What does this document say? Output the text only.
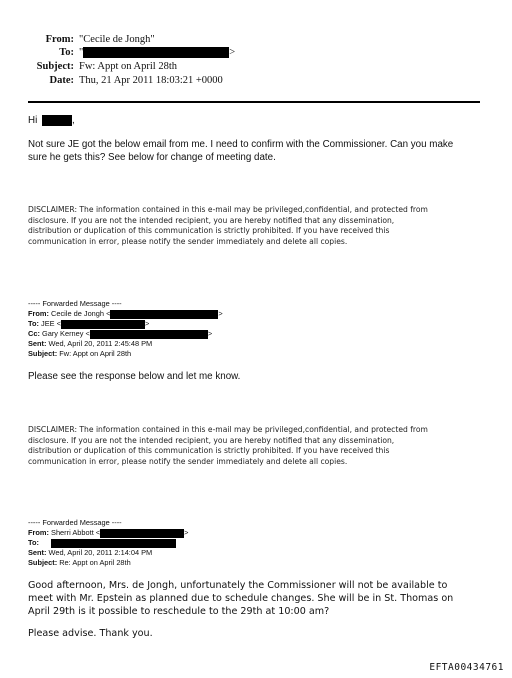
From: "Cecile de Jongh"
To: "	>
Subject: Fw: Appt on April 28th
Date: Thu, 21 Apr 2011 18:03:21 +0000
Hi	,
Not sure JE got the below email from me. I need to confirm with the Commissioner. Can you make
sure he gets this? See below for change of meeting date.
DISCLAIMER: The information contained in this e-mail may be privileged,confidential, and protected from
disclosure. If you are not the intended recipient, you are hereby notified that any dissemination,
distribution or duplication of this communication is strictly prohibited. If you have received this
communication in error, please notify the sender immediately and delete all copies.
----- Forwarded Message ----
From: Cecile de Jongh <	>
To: JEE <	>
Cc: Gary Kerney <	>
Sent: Wed, April 20, 2011 2:45:48 PM
Subject: Fw: Appt on April 28th
Please see the response below and let me know.
DISCLAIMER: The information contained in this e-mail may be privileged,confidential, and protected from
disclosure. If you are not the intended recipient, you are hereby notified that any dissemination,
distribution or duplication of this communication is strictly prohibited. If you have received this
communication in error, please notify the sender immediately and delete all copies.
----- Forwarded Message ----
From: Sherri Abbott <	>
To:
Sent: Wed, April 20, 2011 2:14:04 PM
Subject: Re: Appt on April 28th
Good afternoon, Mrs. de Jongh, unfortunately the Commissioner will not be available to
meet with Mr. Epstein as planned due to schedule changes. She will be in St. Thomas on
April 29th is it possible to reschedule to the 29th at 10:00 am?
Please advise. Thank you.
EFTA00434761
